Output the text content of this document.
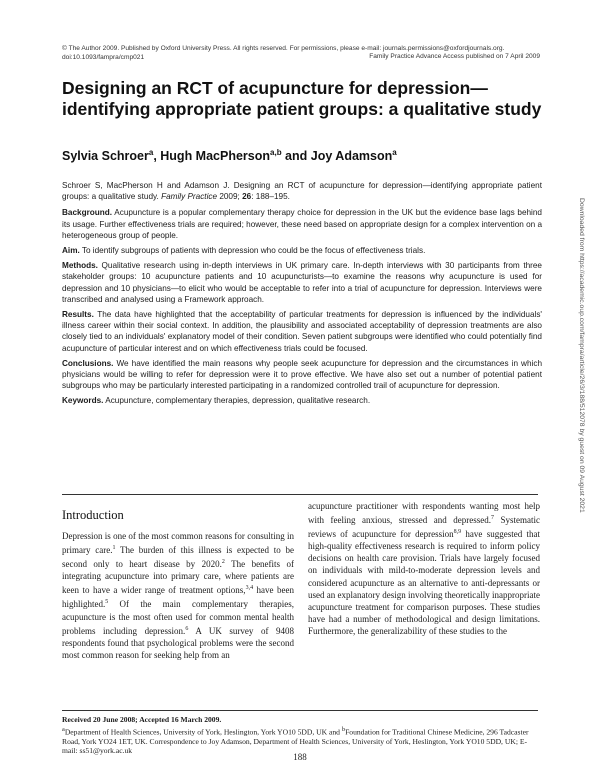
© The Author 2009. Published by Oxford University Press. All rights reserved. For permissions, please e-mail: journals.permissions@oxfordjournals.org.
doi:10.1093/fampra/cmp021	Family Practice Advance Access published on 7 April 2009
Designing an RCT of acupuncture for depression—identifying appropriate patient groups: a qualitative study
Sylvia Schroer$^a$, Hugh MacPherson$^{a,b}$ and Joy Adamson$^a$

Schroer S, MacPherson H and Adamson J. Designing an RCT of acupuncture for depression—identifying appropriate patient groups: a qualitative study. Family Practice 2009; 26: 188–195.

Background. Acupuncture is a popular complementary therapy choice for depression in the UK but the evidence base lags behind its usage. Further effectiveness trials are required; however, these need based on appropriate design for a complex intervention on a heterogeneous group of people.

Aim. To identify subgroups of patients with depression who could be the focus of effectiveness trials.

Methods. Qualitative research using in-depth interviews in UK primary care. In-depth interviews with 30 participants from three stakeholder groups: 10 acupuncture patients and 10 acupuncturists—to examine the reasons why acupuncture is used for depression and 10 physicians—to elicit who would be acceptable to refer into a trial of acupuncture for depression. Interviews were transcribed and analysed using a Framework approach.

Results. The data have highlighted that the acceptability of particular treatments for depression is influenced by the individuals' illness career within their social context. In addition, the plausibility and associated acceptability of depression treatments are also closely tied to an individuals' explanatory model of their condition. Seven patient subgroups were identified who could potentially find acupuncture of particular interest and on which effectiveness trials could be focused.

Conclusions. We have identified the main reasons why people seek acupuncture for depression and the circumstances in which physicians would be willing to refer for depression were it to prove effective. We have also set out a number of potential patient subgroups who may be particularly interested participating in a randomized controlled trail of acupuncture for depression.

Keywords. Acupuncture, complementary therapies, depression, qualitative research.	Downloaded from https://academic.oup.com/fampra/article/26/3/188/512078 by guest on 09 August 2021
Introduction

Depression is one of the most common reasons for consulting in primary care.$^1$ The burden of this illness is expected to be second only to heart disease by 2020.$^2$ The benefits of integrating acupuncture into primary care, where patients are keen to have a wider range of treatment options,$^{3,4}$ have been highlighted.$^5$ Of the main complementary therapies, acupuncture is the most often used for common mental health problems including depression.$^6$ A UK survey of 9408 respondents found that psychological problems were the second most common reason for seeking help from an

acupuncture practitioner with respondents wanting most help with feeling anxious, stressed and depressed.$^7$ Systematic reviews of acupuncture for depression$^{8,9}$ have suggested that high-quality effectiveness research is required to inform policy decisions on health care provision. Trials have largely focused on individuals with mild-to-moderate depression levels and considered acupuncture as an alternative to anti-depressants or used an explanatory design involving theoretically inappropriate acupuncture treatment for comparison purposes. These studies have had a number of methodological and design limitations. Furthermore, the generalizability of these studies to the

Received 20 June 2008; Accepted 16 March 2009.
$^a$Department of Health Sciences, University of York, Heslington, York YO10 5DD, UK and $^b$Foundation for Traditional Chinese Medicine, 296 Tadcaster Road, York YO24 1ET, UK. Correspondence to Joy Adamson, Department of Health Sciences, University of York, Heslington, York YO10 5DD, UK; E-mail: ss51@york.ac.uk
188
